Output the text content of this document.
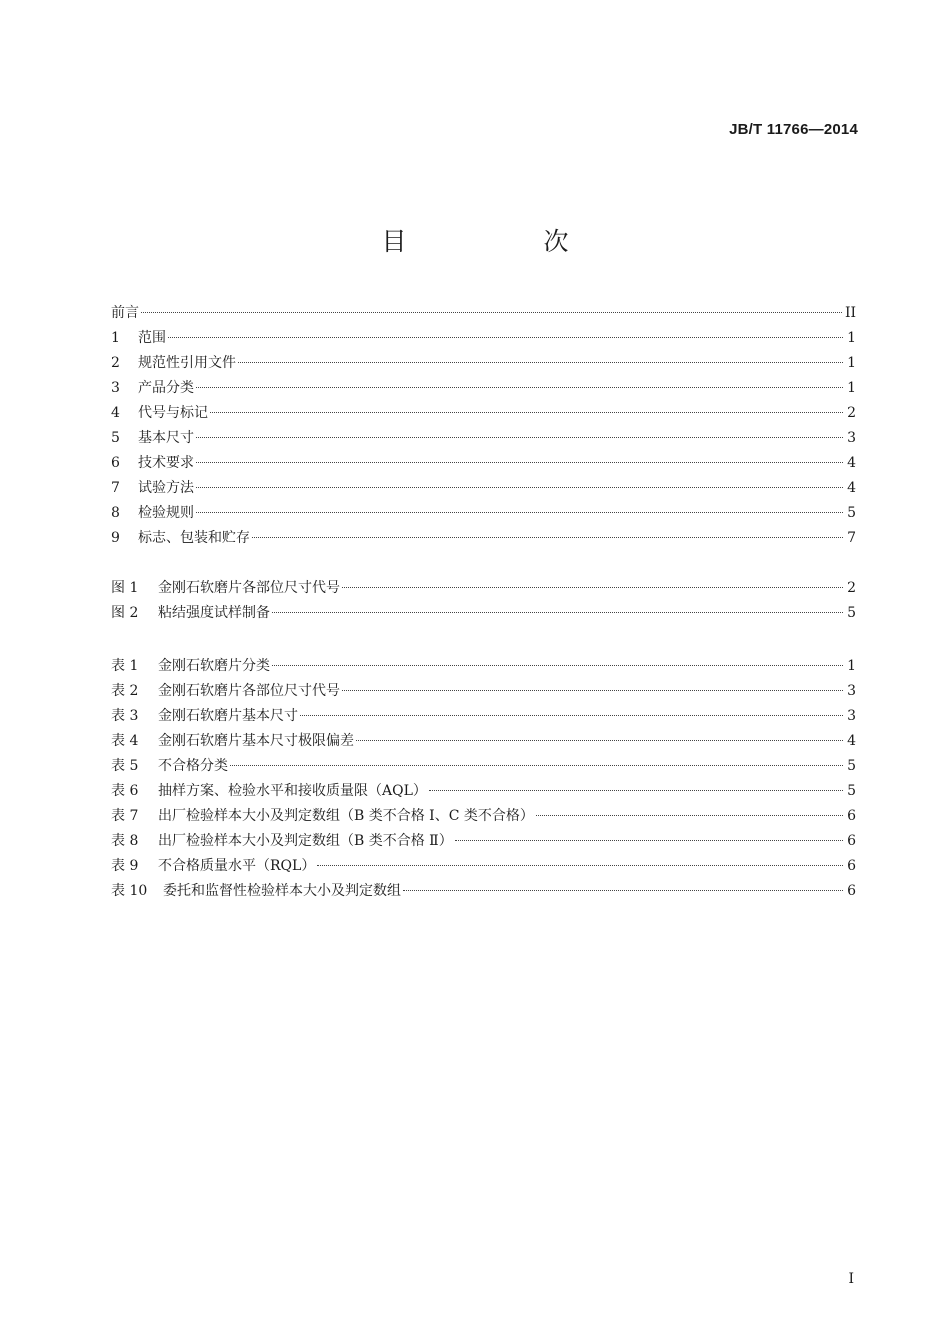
JB/T 11766—2014
目　次
前言	II
1	范围	1
2	规范性引用文件	1
3	产品分类	1
4	代号与标记	2
5	基本尺寸	3
6	技术要求	4
7	试验方法	4
8	检验规则	5
9	标志、包装和贮存	7
图 1	金刚石软磨片各部位尺寸代号	2
图 2	粘结强度试样制备	5
表 1	金刚石软磨片分类	1
表 2	金刚石软磨片各部位尺寸代号	3
表 3	金刚石软磨片基本尺寸	3
表 4	金刚石软磨片基本尺寸极限偏差	4
表 5	不合格分类	5
表 6	抽样方案、检验水平和接收质量限（AQL）	5
表 7	出厂检验样本大小及判定数组（B 类不合格 Ⅰ、C 类不合格）	6
表 8	出厂检验样本大小及判定数组（B 类不合格 Ⅱ）	6
表 9	不合格质量水平（RQL）	6
表 10	委托和监督性检验样本大小及判定数组	6
I
